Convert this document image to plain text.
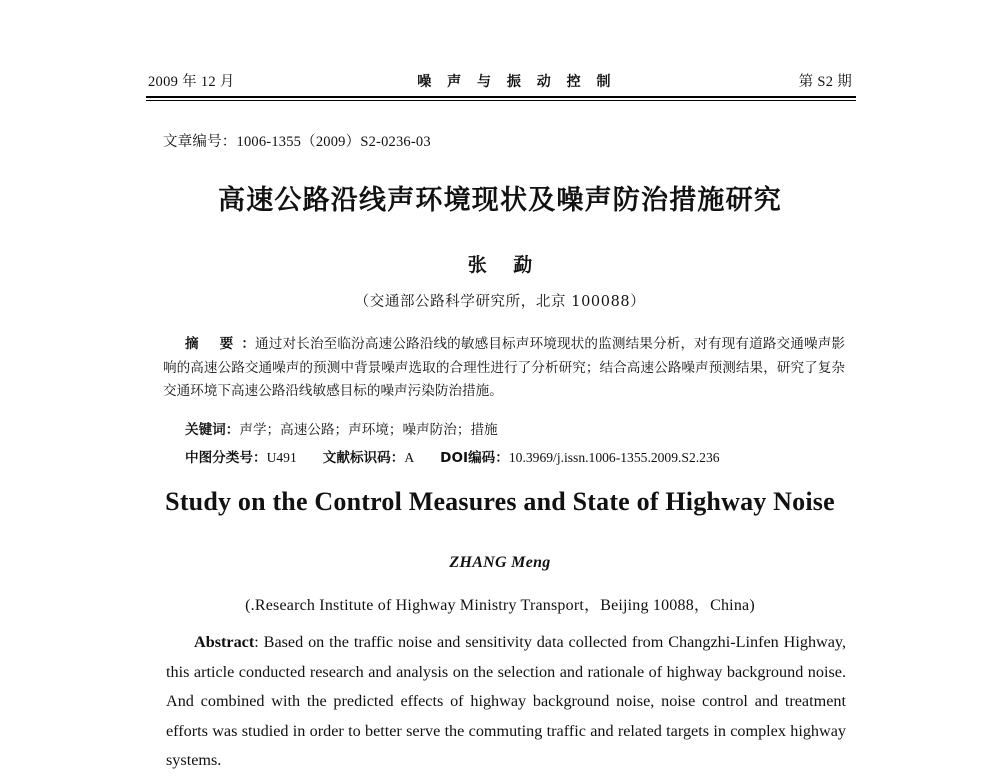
2009 年 12 月	噪 声 与 振 动 控 制	第 S2 期
文章编号：1006-1355（2009）S2-0236-03
高速公路沿线声环境现状及噪声防治措施研究
张 勐
（交通部公路科学研究所，北京 100088）
摘 要：通过对长治至临汾高速公路沿线的敏感目标声环境现状的监测结果分析，对有现有道路交通噪声影响的高速公路交通噪声的预测中背景噪声选取的合理性进行了分析研究；结合高速公路噪声预测结果，研究了复杂交通环境下高速公路沿线敏感目标的噪声污染防治措施。
关键词：声学；高速公路；声环境；噪声防治；措施
中图分类号：U491 文献标识码：A DOI编码：10.3969/j.issn.1006-1355.2009.S2.236
Study on the Control Measures and State of Highway Noise
ZHANG Meng
(.Research Institute of Highway Ministry Transport，Beijing 10088，China)
Abstract: Based on the traffic noise and sensitivity data collected from Changzhi-Linfen Highway, this article conducted research and analysis on the selection and rationale of highway background noise. And combined with the predicted effects of highway background noise, noise control and treatment efforts was studied in order to better serve the commuting traffic and related targets in complex highway systems.
